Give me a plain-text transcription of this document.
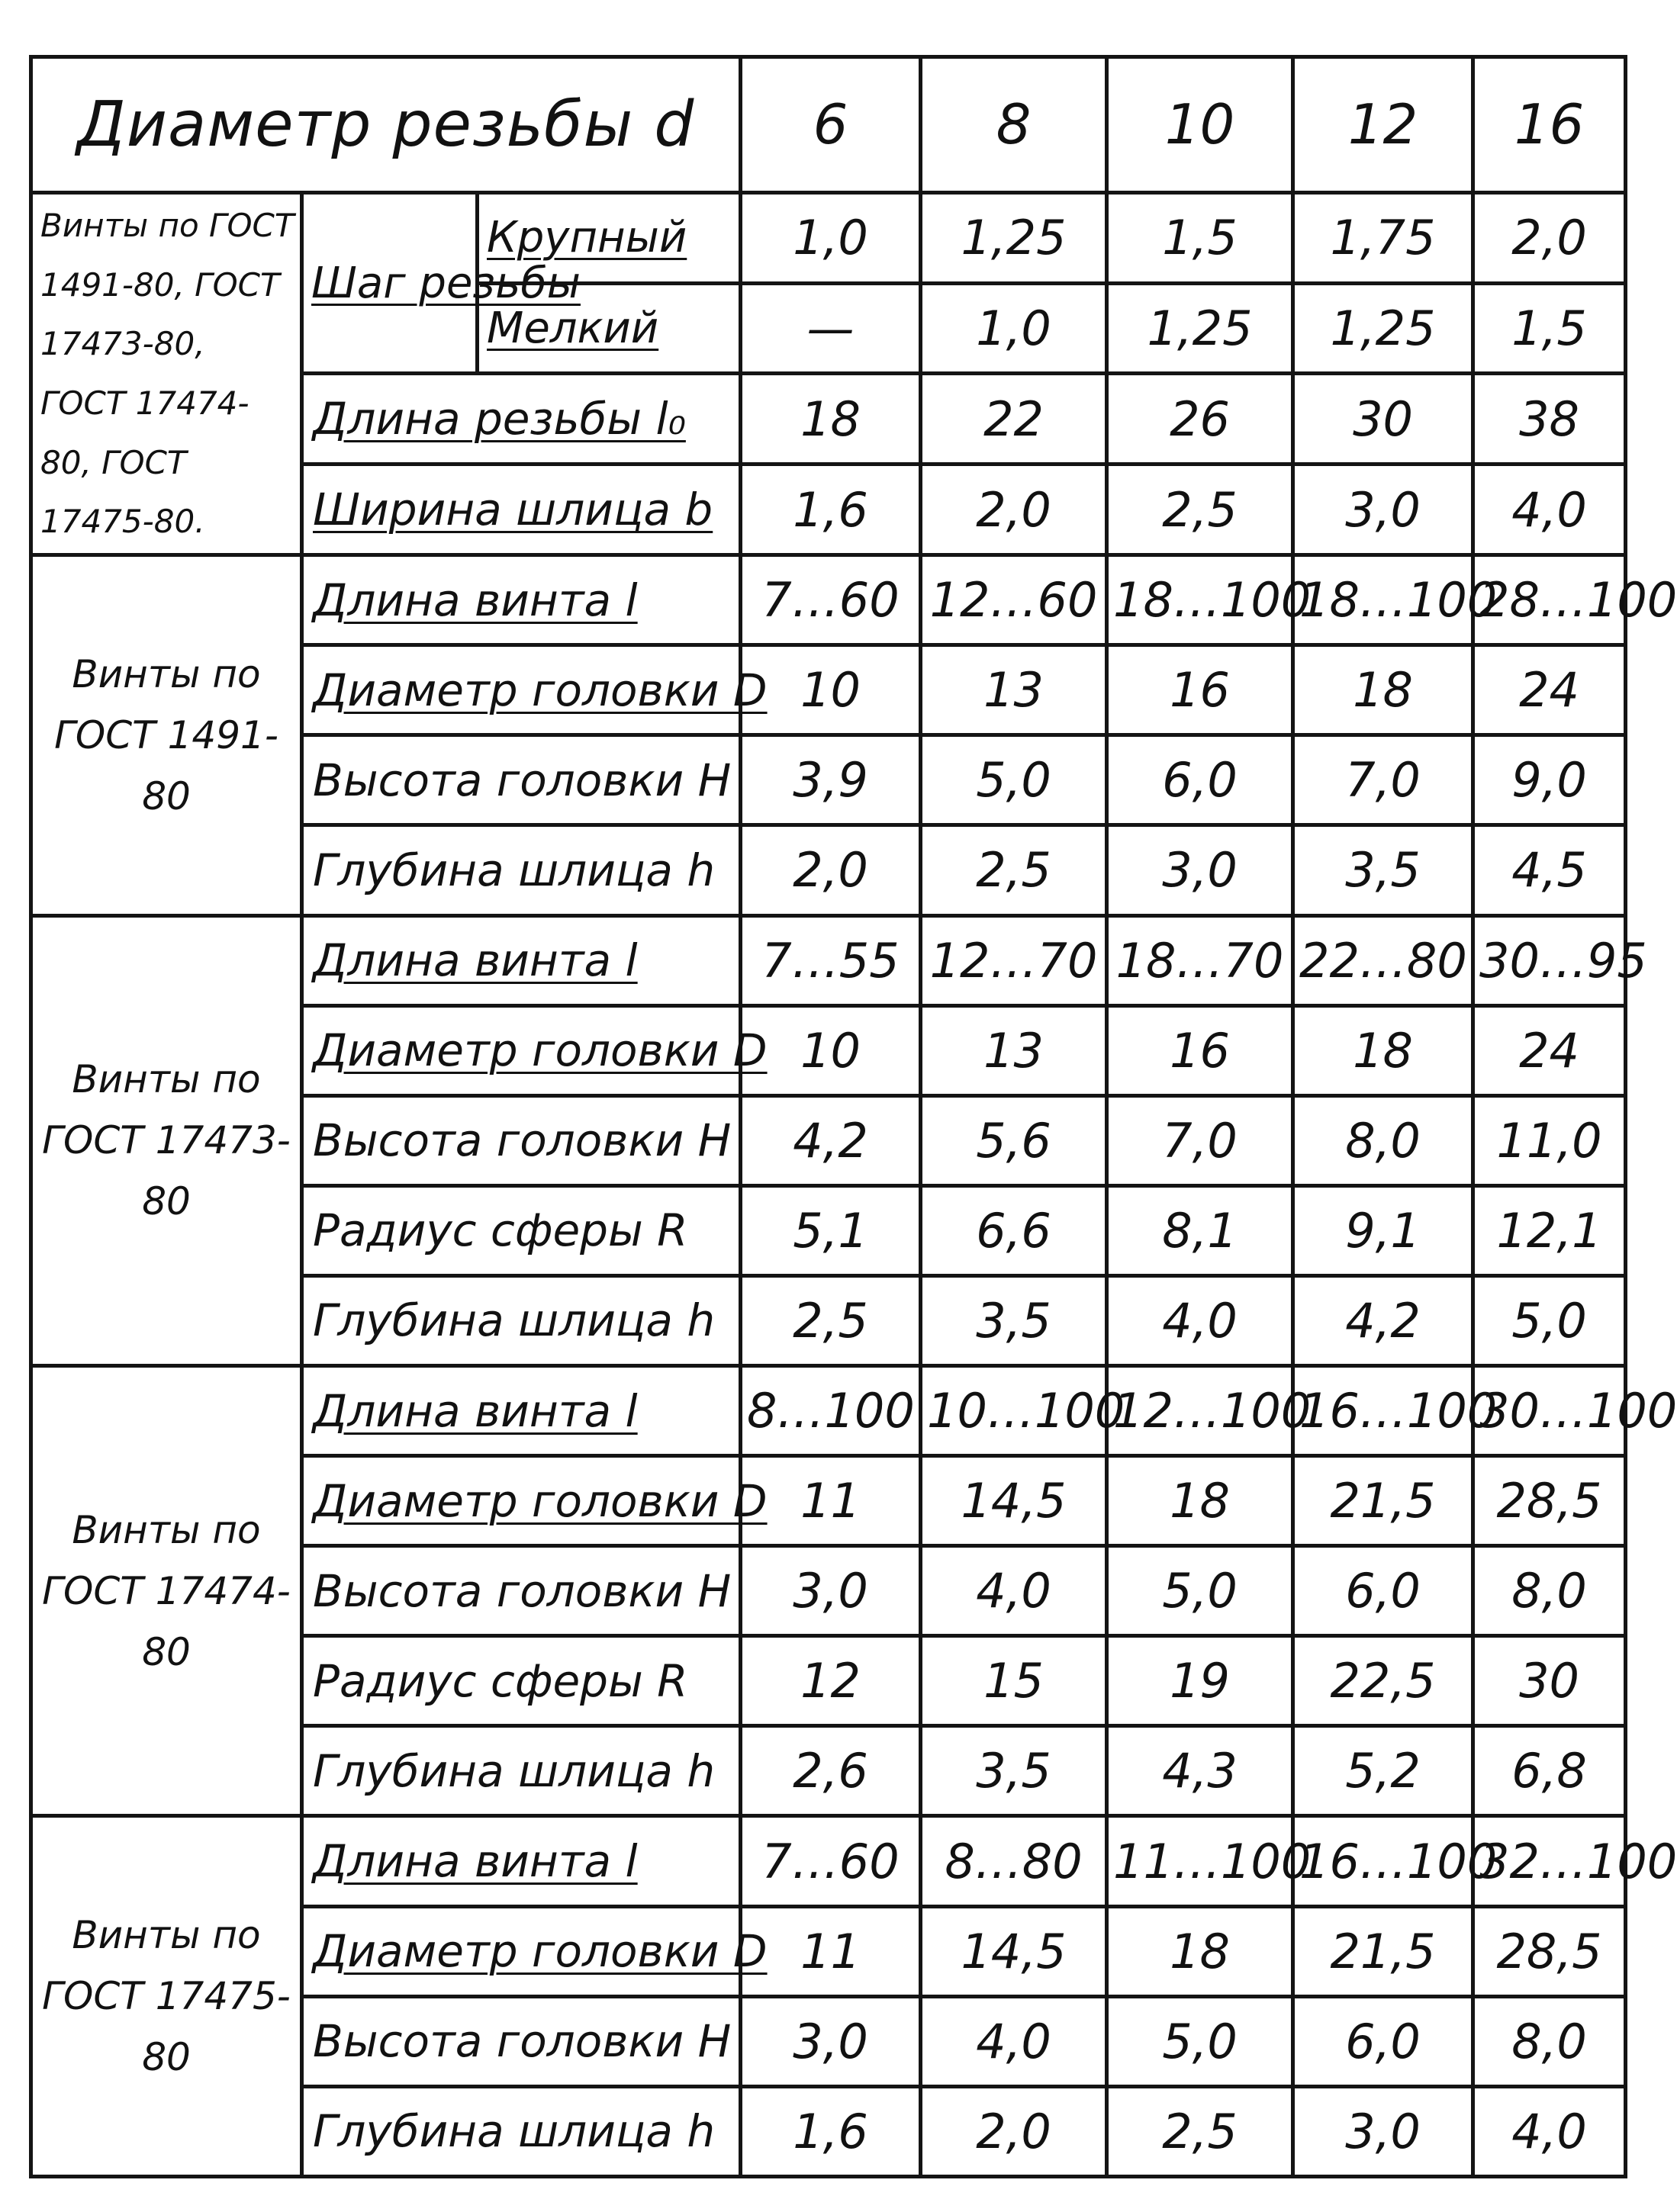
Диаметр резьбы d			6	8	10	12	16
Винты по ГОСТ 1491-80, ГОСТ 17473-80, ГОСТ 17474-80, ГОСТ 17475-80.	Шаг резьбы	Крупный	1,0	1,25	1,5	1,75	2,0
		Мелкий	—	1,0	1,25	1,25	1,5
	Длина резьбы l₀		18	22	26	30	38
	Ширина шлица b		1,6	2,0	2,5	3,0	4,0
Винты по ГОСТ 1491-80	Длина винта l		7…60	12…60	18…100	18…100	28…100
	Диаметр головки D		10	13	16	18	24
	Высота головки H		3,9	5,0	6,0	7,0	9,0
	Глубина шлица h		2,0	2,5	3,0	3,5	4,5
Винты по ГОСТ 17473-80	Длина винта l		7…55	12…70	18…70	22…80	30…95
	Диаметр головки D		10	13	16	18	24
	Высота головки H		4,2	5,6	7,0	8,0	11,0
	Радиус сферы R		5,1	6,6	8,1	9,1	12,1
	Глубина шлица h		2,5	3,5	4,0	4,2	5,0
Винты по ГОСТ 17474-80	Длина винта l		8…100	10…100	12…100	16…100	30…100
	Диаметр головки D		11	14,5	18	21,5	28,5
	Высота головки H		3,0	4,0	5,0	6,0	8,0
	Радиус сферы R		12	15	19	22,5	30
	Глубина шлица h		2,6	3,5	4,3	5,2	6,8
Винты по ГОСТ 17475-80	Длина винта l		7…60	8…80	11…100	16…100	32…100
	Диаметр головки D		11	14,5	18	21,5	28,5
	Высота головки H		3,0	4,0	5,0	6,0	8,0
	Глубина шлица h		1,6	2,0	2,5	3,0	4,0
